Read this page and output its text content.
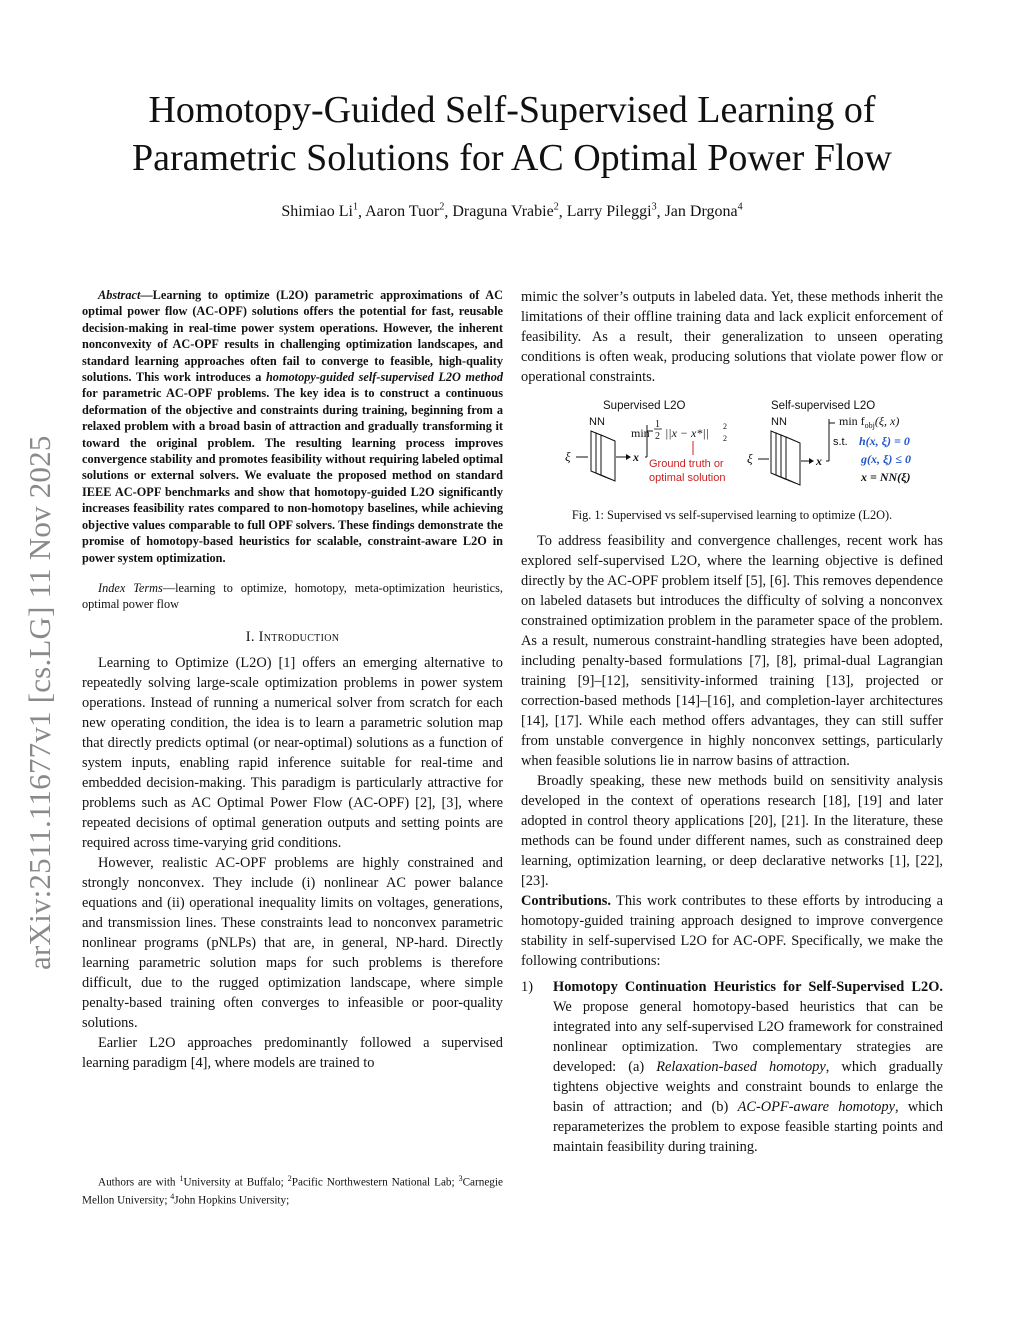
arXiv:2511.11677v1 [cs.LG] 11 Nov 2025
Homotopy-Guided Self-Supervised Learning of
Parametric Solutions for AC Optimal Power Flow
Shimiao Li$^1$, Aaron Tuor$^2$, Draguna Vrabie$^2$, Larry Pileggi$^3$, Jan Drgona$^4$

Abstract—Learning to optimize (L2O) parametric approximations of AC optimal power flow (AC-OPF) solutions offers the potential for fast, reusable decision-making in real-time power system operations. However, the inherent nonconvexity of AC-OPF results in challenging optimization landscapes, and standard learning approaches often fail to converge to feasible, high-quality solutions. This work introduces a homotopy-guided self-supervised L2O method for parametric AC-OPF problems. The key idea is to construct a continuous deformation of the objective and constraints during training, beginning from a relaxed problem with a broad basin of attraction and gradually transforming it toward the original problem. The resulting learning process improves convergence stability and promotes feasibility without requiring labeled optimal solutions or external solvers. We evaluate the proposed method on standard IEEE AC-OPF benchmarks and show that homotopy-guided L2O significantly increases feasibility rates compared to non-homotopy baselines, while achieving objective values comparable to full OPF solvers. These findings demonstrate the promise of homotopy-based heuristics for scalable, constraint-aware L2O in power system optimization.

Index Terms—learning to optimize, homotopy, meta-optimization heuristics, optimal power flow

I. Introduction

Learning to Optimize (L2O) [1] offers an emerging alternative to repeatedly solving large-scale optimization problems in power system operations. Instead of running a numerical solver from scratch for each new operating condition, the idea is to learn a parametric solution map that directly predicts optimal (or near-optimal) solutions as a function of system inputs, enabling rapid inference suitable for real-time and embedded decision-making. This paradigm is particularly attractive for problems such as AC Optimal Power Flow (AC-OPF) [2], [3], where repeated decisions of optimal generation outputs and setting points are required across time-varying grid conditions.

However, realistic AC-OPF problems are highly constrained and strongly nonconvex. They include (i) nonlinear AC power balance equations and (ii) operational inequality limits on voltages, generations, and transmission lines. These constraints lead to nonconvex parametric nonlinear programs (pNLPs) that are, in general, NP-hard. Directly learning parametric solution maps for such problems is therefore difficult, due to the rugged optimization landscape, where simple penalty-based training often converges to infeasible or poor-quality solutions.

Earlier L2O approaches predominantly followed a supervised learning paradigm [4], where models are trained to

Authors are with $^1$University at Buffalo; $^2$Pacific Northwestern National Lab; $^3$Carnegie Mellon University; $^4$John Hopkins University;

mimic the solver’s outputs in labeled data. Yet, these methods inherit the limitations of their offline training data and lack explicit enforcement of feasibility. As a result, their generalization to unseen operating conditions is often weak, producing solutions that violate power flow or operational constraints.

Supervised L2O
NN
ξ	x
min
1
2 ||x − x*|| 2
2
Ground truth or
optimal solution
Self-supervised L2O
NN
ξ	x
$\min f_{obj}(\xi$, x)
s.t. h(x, ξ) = 0
g(x, ξ) ≤ 0
x = NN(ξ)

Fig. 1: Supervised vs self-supervised learning to optimize (L2O).

To address feasibility and convergence challenges, recent work has explored self-supervised L2O, where the learning objective is defined directly by the AC-OPF problem itself [5], [6]. This removes dependence on labeled datasets but introduces the difficulty of solving a nonconvex constrained optimization problem in the parameter space of the problem. As a result, numerous constraint-handling strategies have been adopted, including penalty-based formulations [7], [8], primal-dual Lagrangian training [9]–[12], sensitivity-informed training [13], projected or correction-based methods [14]–[16], and completion-layer architectures [14], [17]. While each method offers advantages, they can still suffer from unstable convergence in highly nonconvex settings, particularly when feasible solutions lie in narrow basins of attraction.

Broadly speaking, these new methods build on sensitivity analysis developed in the context of operations research [18], [19] and later adopted in control theory applications [20], [21]. In the literature, these methods can be found under different names, such as constrained deep learning, optimization learning, or deep declarative networks [1], [22], [23].

Contributions. This work contributes to these efforts by introducing a homotopy-guided training approach designed to improve convergence stability in self-supervised L2O for AC-OPF. Specifically, we make the following contributions:

1)	Homotopy Continuation Heuristics for Self-Supervised L2O. We propose general homotopy-based heuristics that can be integrated into any self-supervised L2O framework for constrained nonlinear optimization. Two complementary strategies are developed: (a) Relaxation-based homotopy, which gradually tightens objective weights and constraint bounds to enlarge the basin of attraction; and (b) AC-OPF-aware homotopy, which reparameterizes the problem to expose feasible starting points and maintain feasibility during training.
